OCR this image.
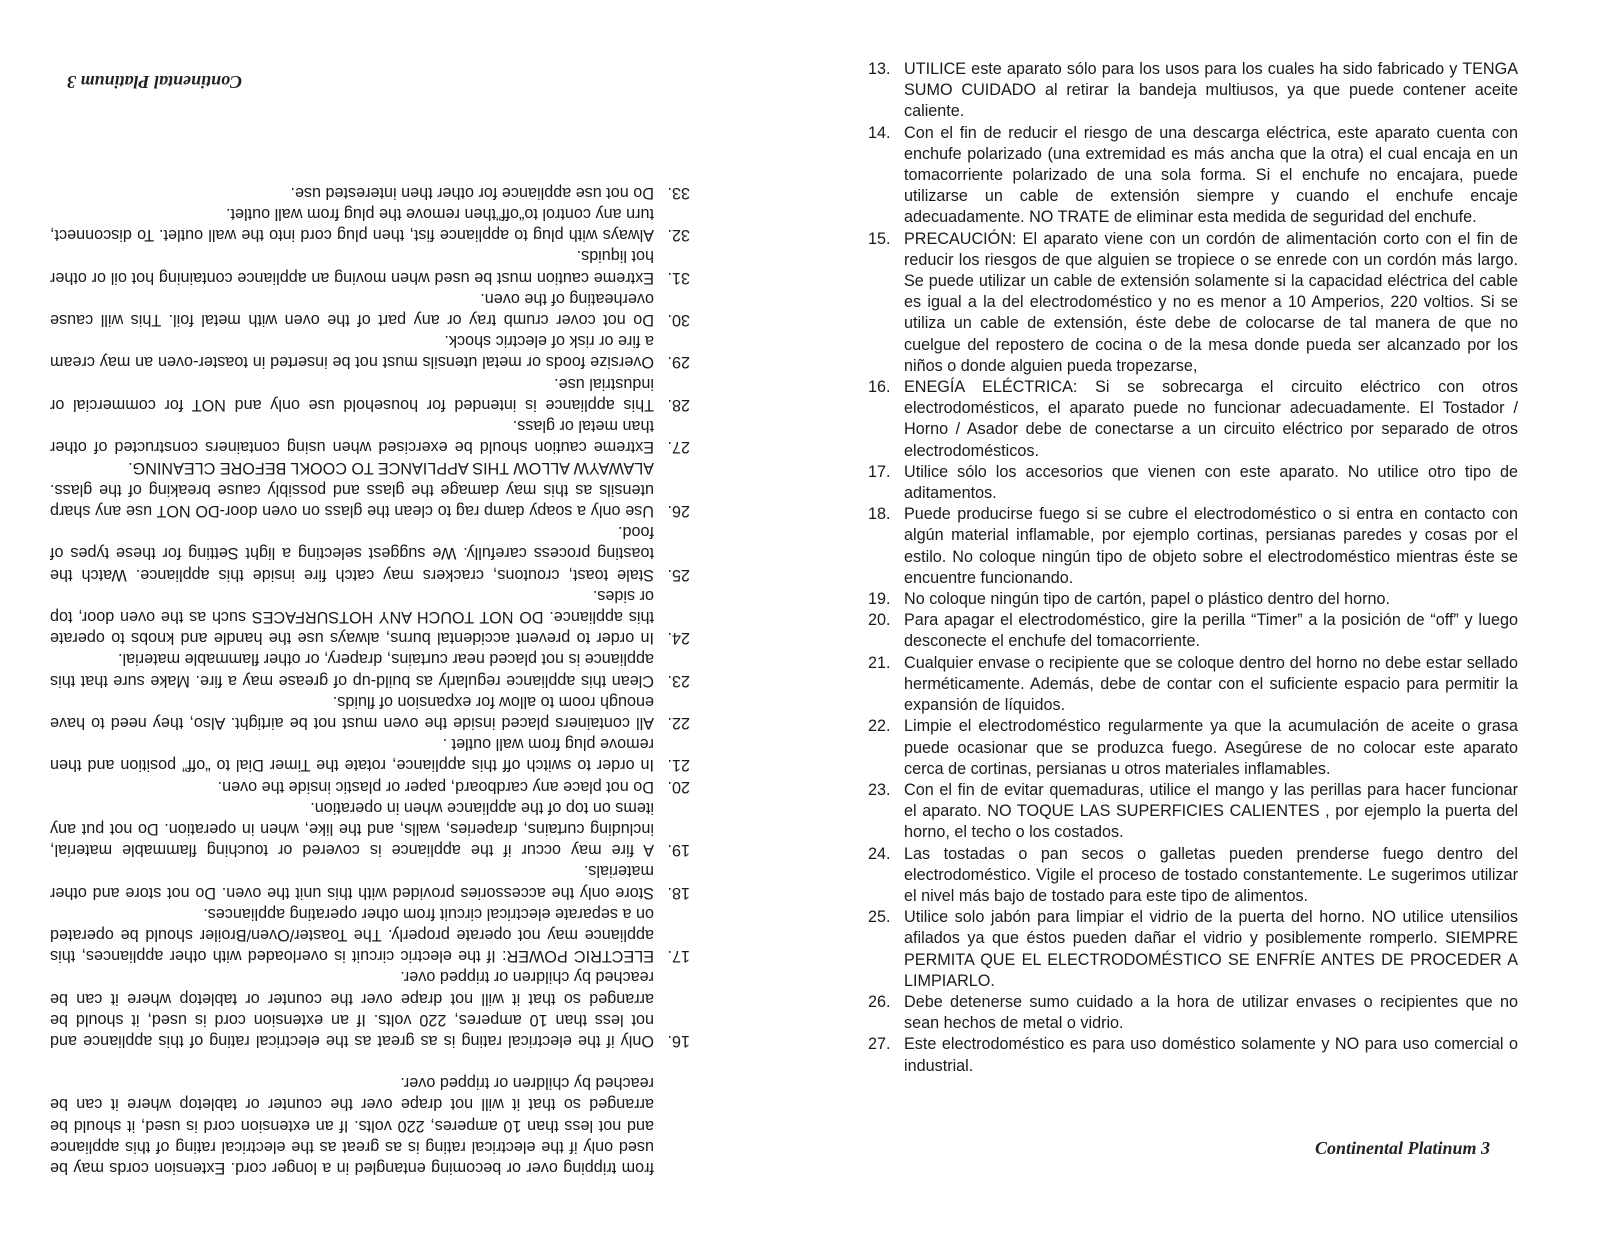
from tripping over or becoming entangled in a longer cord. Extension cords may be used only if the electrical rating is as great as the electrical rating of this appliance and not less than 10 amperes, 220 volts. If an extension cord is used, it should be arranged so that it will not drape over the counter or tabletop where it can be reached by children or tripped over.

16.
Only if the electrical rating is as great as the electrical rating of this appliance and not less than 10 amperes, 220 volts. If an extension cord is used, it should be arranged so that it will not drape over the counter or tabletop where it can be reached by children or tripped over.

17.
ELECTRIC POWER: If the electric circuit is overloaded with other appliances, this appliance may not operate properly. The Toaster/Oven/Broiler should be operated on a separate electrical circuit from other operating appliances.

18.
Store only the accessories provided with this unit the oven. Do not store and other materials.

19.
A fire may occur if the appliance is covered or touching flammable material, including curtains, draperies, walls, and the like, when in operation. Do not put any items on top of the appliance when in operation.

20.
Do not place any cardboard, paper or plastic inside the oven.

21.
In order to switch off this appliance, rotate the Timer Dial to “off” position and then remove plug from wall outlet .

22.
All containers placed inside the oven must not be airtight. Also, they need to have enough room to allow for expansion of fluids.

23.
Clean this appliance regularly as build-up of grease may a fire. Make sure that this appliance is not placed near curtains, drapery, or other flammable material.

24.
In order to prevent accidental burns, always use the handle and knobs to operate this appliance. DO NOT TOUCH ANY HOTSURFACES such as the oven door, top or sides.

25.
Stale toast, croutons, crackers may catch fire inside this appliance. Watch the toasting process carefully. We suggest selecting a light Setting for these types of food.

26.
Use only a soapy damp rag to clean the glass on oven door-DO NOT use any sharp utensils as this may damage the glass and possibly cause breaking of the glass. ALAWAYW ALLOW THIS APPLIANCE TO COOKL BEFORE CLEANING.

27.
Extreme caution should be exercised when using containers constructed of other than metal or glass.

28.
This appliance is intended for household use only and NOT for commercial or industrial use.

29.
Oversize foods or metal utensils must not be inserted in toaster-oven an may cream a fire or risk of electric shock.

30.
Do not cover crumb tray or any part of the oven with metal foil. This will cause overheating of the oven.

31.
Extreme caution must be used when moving an appliance containing hot oil or other hot liquids.

32.
Always with plug to appliance fist, then plug cord into the wall outlet. To disconnect, turn any control to“off”then remove the plug from wall outlet.

33.
Do not use appliance for other then interested use.

Continental Platinum 3

13. UTILICE este aparato sólo para los usos para los cuales ha sido fabricado y TENGA SUMO CUIDADO al retirar la bandeja multiusos, ya que puede contener aceite caliente.

14. Con el fin de reducir el riesgo de una descarga eléctrica, este aparato cuenta con enchufe polarizado (una extremidad es más ancha que la otra) el cual encaja en un tomacorriente polarizado de una sola forma. Si el enchufe no encajara, puede utilizarse un cable de extensión siempre y cuando el enchufe encaje adecuadamente. NO TRATE de eliminar esta medida de seguridad del enchufe.

15. PRECAUCIÓN: El aparato viene con un cordón de alimentación corto con el fin de reducir los riesgos de que alguien se tropiece o se enrede con un cordón más largo. Se puede utilizar un cable de extensión solamente si la capacidad eléctrica del cable es igual a la del electrodoméstico y no es menor a 10 Amperios, 220 voltios. Si se utiliza un cable de extensión, éste debe de colocarse de tal manera de que no cuelgue del repostero de cocina o de la mesa donde pueda ser alcanzado por los niños o donde alguien pueda tropezarse,

16. ENEGÍA ELÉCTRICA: Si se sobrecarga el circuito eléctrico con otros electrodomésticos, el aparato puede no funcionar adecuadamente. El Tostador / Horno / Asador debe de conectarse a un circuito eléctrico por separado de otros electrodomésticos.

17. Utilice sólo los accesorios que vienen con este aparato. No utilice otro tipo de aditamentos.

18. Puede producirse fuego si se cubre el electrodoméstico o si entra en contacto con algún material inflamable, por ejemplo cortinas, persianas paredes y cosas por el estilo. No coloque ningún tipo de objeto sobre el electrodoméstico mientras éste se encuentre funcionando.

19. No coloque ningún tipo de cartón, papel o plástico dentro del horno.

20. Para apagar el electrodoméstico, gire la perilla “Timer” a la posición de “off” y luego desconecte el enchufe del tomacorriente.

21. Cualquier envase o recipiente que se coloque dentro del horno no debe estar sellado herméticamente. Además, debe de contar con el suficiente espacio para permitir la expansión de líquidos.

22. Limpie el electrodoméstico regularmente ya que la acumulación de aceite o grasa puede ocasionar que se produzca fuego. Asegúrese de no colocar este aparato cerca de cortinas, persianas u otros materiales inflamables.

23. Con el fin de evitar quemaduras, utilice el mango y las perillas para hacer funcionar el aparato. NO TOQUE LAS SUPERFICIES CALIENTES , por ejemplo la puerta del horno, el techo o los costados.

24. Las tostadas o pan secos o galletas pueden prenderse fuego dentro del electrodoméstico. Vigile el proceso de tostado constantemente. Le sugerimos utilizar el nivel más bajo de tostado para este tipo de alimentos.

25. Utilice solo jabón para limpiar el vidrio de la puerta del horno. NO utilice utensilios afilados ya que éstos pueden dañar el vidrio y posiblemente romperlo. SIEMPRE PERMITA QUE EL ELECTRODOMÉSTICO SE ENFRÍE ANTES DE PROCEDER A LIMPIARLO.

26. Debe detenerse sumo cuidado a la hora de utilizar envases o recipientes que no sean hechos de metal o vidrio.

27. Este electrodoméstico es para uso doméstico solamente y NO para uso comercial o industrial.

Continental Platinum 3
